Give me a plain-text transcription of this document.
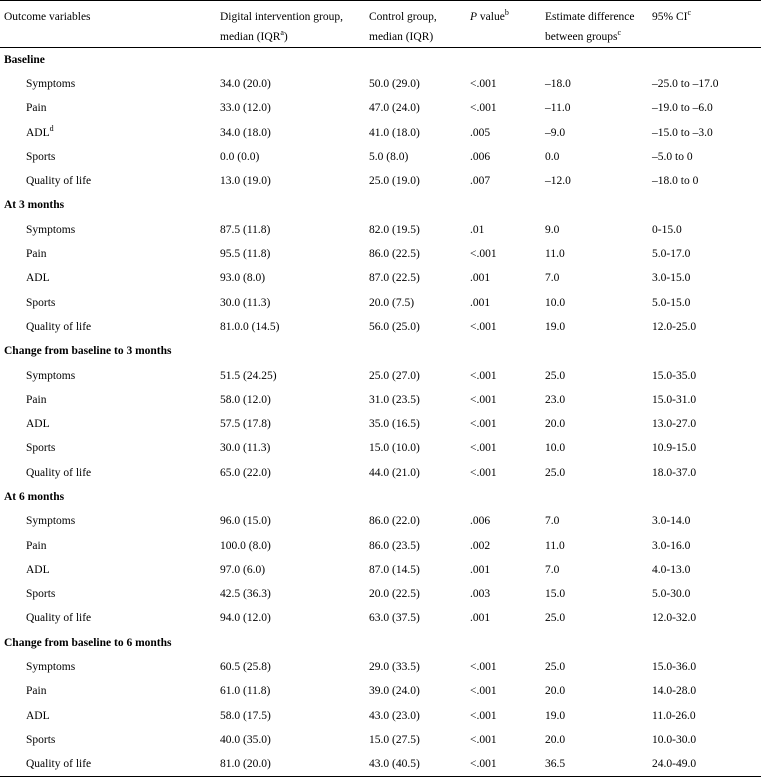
Outcome variables	Digital intervention group,
median (IQR$^a$)	Control group,
median (IQR)	P value$^b$	Estimate difference
between groups$^c$	95% $CI^c$
Baseline					
Symptoms	34.0 (20.0)	50.0 (29.0)	<.001	–18.0	–25.0 to –17.0
Pain	33.0 (12.0)	47.0 (24.0)	<.001	–11.0	–19.0 to –6.0
ADL$^d$	34.0 (18.0)	41.0 (18.0)	.005	–9.0	–15.0 to –3.0
Sports	0.0 (0.0)	5.0 (8.0)	.006	0.0	–5.0 to 0
Quality of life	13.0 (19.0)	25.0 (19.0)	.007	–12.0	–18.0 to 0
At 3 months					
Symptoms	87.5 (11.8)	82.0 (19.5)	.01	9.0	0-15.0
Pain	95.5 (11.8)	86.0 (22.5)	<.001	11.0	5.0-17.0
ADL	93.0 (8.0)	87.0 (22.5)	.001	7.0	3.0-15.0
Sports	30.0 (11.3)	20.0 (7.5)	.001	10.0	5.0-15.0
Quality of life	81.0.0 (14.5)	56.0 (25.0)	<.001	19.0	12.0-25.0
Change from baseline to 3 months					
Symptoms	51.5 (24.25)	25.0 (27.0)	<.001	25.0	15.0-35.0
Pain	58.0 (12.0)	31.0 (23.5)	<.001	23.0	15.0-31.0
ADL	57.5 (17.8)	35.0 (16.5)	<.001	20.0	13.0-27.0
Sports	30.0 (11.3)	15.0 (10.0)	<.001	10.0	10.9-15.0
Quality of life	65.0 (22.0)	44.0 (21.0)	<.001	25.0	18.0-37.0
At 6 months					
Symptoms	96.0 (15.0)	86.0 (22.0)	.006	7.0	3.0-14.0
Pain	100.0 (8.0)	86.0 (23.5)	.002	11.0	3.0-16.0
ADL	97.0 (6.0)	87.0 (14.5)	.001	7.0	4.0-13.0
Sports	42.5 (36.3)	20.0 (22.5)	.003	15.0	5.0-30.0
Quality of life	94.0 (12.0)	63.0 (37.5)	.001	25.0	12.0-32.0
Change from baseline to 6 months					
Symptoms	60.5 (25.8)	29.0 (33.5)	<.001	25.0	15.0-36.0
Pain	61.0 (11.8)	39.0 (24.0)	<.001	20.0	14.0-28.0
ADL	58.0 (17.5)	43.0 (23.0)	<.001	19.0	11.0-26.0
Sports	40.0 (35.0)	15.0 (27.5)	<.001	20.0	10.0-30.0
Quality of life	81.0 (20.0)	43.0 (40.5)	<.001	36.5	24.0-49.0
